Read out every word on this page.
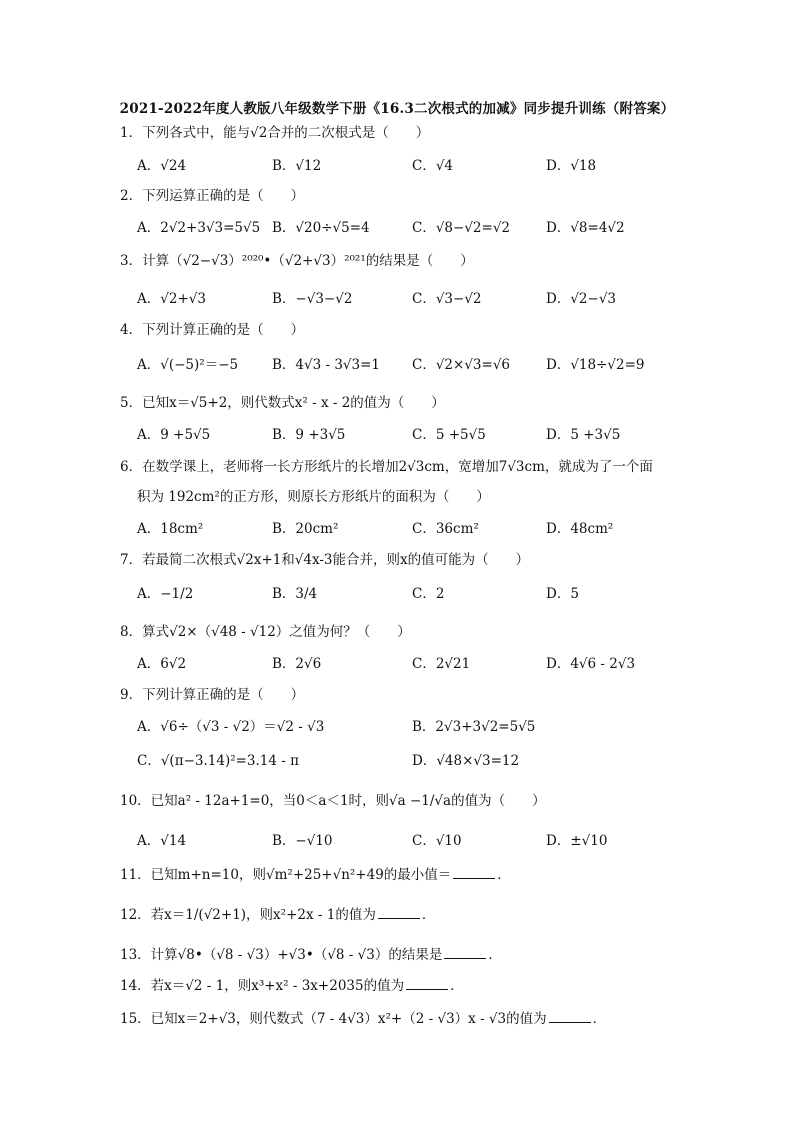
2021-2022年度人教版八年级数学下册《16.3二次根式的加减》同步提升训练（附答案）
1．下列各式中，能与√2合并的二次根式是（　　）
A．√24	B．√12	C．√4	D．√18
2．下列运算正确的是（　　）
A．2√2+3√3=5√5 B．√20÷√5=4	C．√8−√2=√2	D．√8=4√2
3．计算（√2−√3）²⁰²⁰•（√2+√3）²⁰²¹的结果是（　　）
A．√2+√3	B．−√3−√2	C．√3−√2	D．√2−√3
4．下列计算正确的是（　　）
A．√(−5)²＝−5	B．4√3 - 3√3=1 C．√2×√3=√6	D．√18÷√2=9
5．已知x＝√5+2，则代数式x² - x - 2的值为（　　）
A．9 +5√5	B．9 +3√5	C．5 +5√5	D．5 +3√5
6．在数学课上，老师将一长方形纸片的长增加2√3cm，宽增加7√3cm，就成为了一个面
积为 192cm²的正方形，则原长方形纸片的面积为（　　）
A．18cm²	B．20cm²	C．36cm²	D．48cm²
7．若最简二次根式√2x+1和√4x-3能合并，则x的值可能为（　　）
A．−1/2	B．3/4	C．2	D．5
8．算式√2×（√48 - √12）之值为何？（　　）
A．6√2	B．2√6	C．2√21	D．4√6 - 2√3
9．下列计算正确的是（　　）
A．√6÷（√3 - √2）＝√2 - √3	B．2√3+3√2=5√5
C．√(π−3.14)²=3.14 - π	D．√48×√3=12
10．已知a² - 12a+1=0，当0＜a＜1时，则√a −1/√a的值为（　　）
A．√14	B．−√10	C．√10	D．±√10
11．已知m+n=10，则√m²+25+√n²+49的最小值＝	．
12．若x＝1/(√2+1)，则x²+2x - 1的值为	．
13．计算√8•（√8 - √3）+√3•（√8 - √3）的结果是	．
14．若x＝√2 - 1，则x³+x² - 3x+2035的值为	．
15．已知x＝2+√3，则代数式（7 - 4√3）x²+（2 - √3）x - √3的值为	．
